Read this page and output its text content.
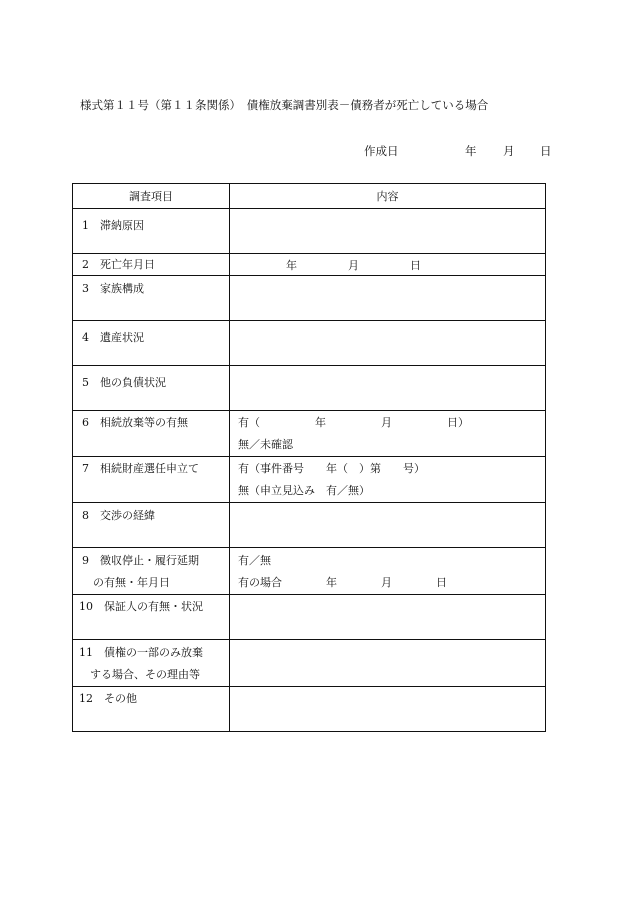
様式第１１号（第１１条関係）　債権放棄調書別表－債務者が死亡している場合
作成日	年 月 日
調査項目	内容

1　滞納原因	

2　死亡年月日	年 月 日

3　家族構成	

4　遺産状況	

5　他の負債状況	

6　相続放棄等の有無	有（　　　　　年　　　　　月　　　　　日）
無／未確認

7　相続財産選任申立て	有（事件番号　　年（　）第　　号）
無（申立見込み　有／無）

8　交渉の経緯	

9　徴収停止・履行延期
　の有無・年月日	有／無
有の場合　　　　年　　　　月　　　　日

10　保証人の有無・状況	

11　債権の一部のみ放棄
　する場合、その理由等	

12　その他	
